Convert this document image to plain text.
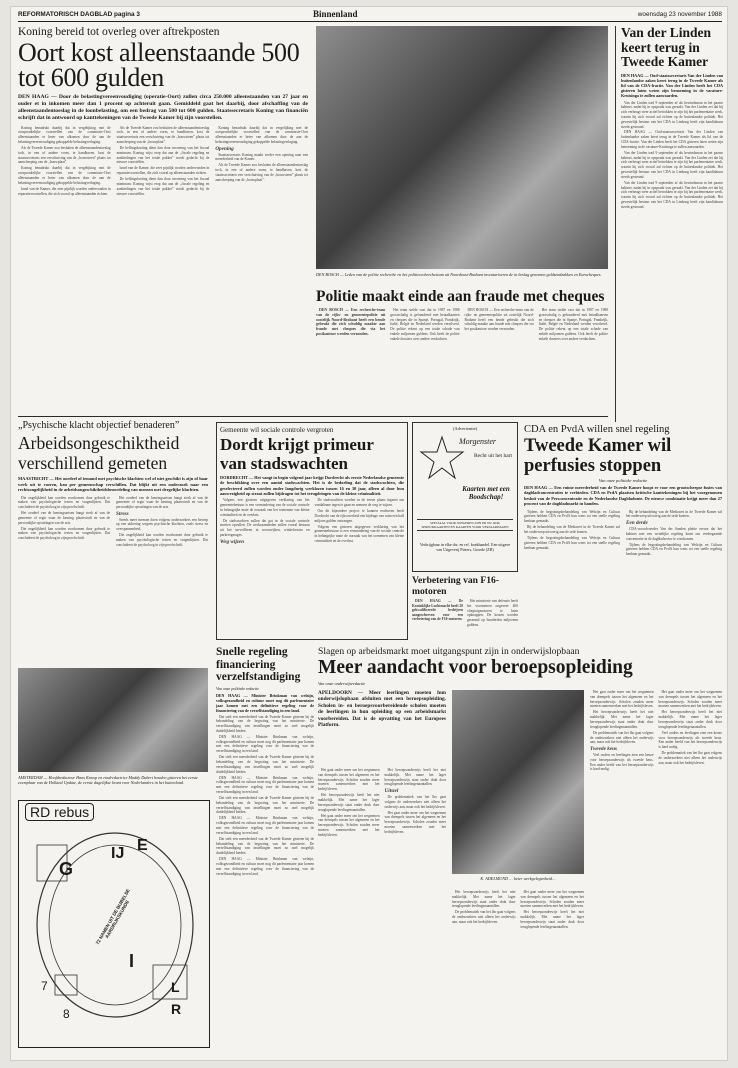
REFORMATORISCH DAGBLAD pagina 3	Binnenland	woensdag 23 november 1988
Koning bereid tot overleg over aftrekposten
Oort kost alleenstaande 500 tot 600 gulden
DEN HAAG — Door de belastingvereenvoudiging (operatie-Oort) zullen circa 250.000 alleenstaanden van 27 jaar en ouder et in inkomen meer dan 1 procent op achteruit gaan. Gemiddeld gaat het daarbij, door afschaffing van de alleenstaandentoeslag in de loonbelasting, om een bedrag van 500 tot 600 gulden. Staatssecretaris Koning van financiën schrijft dat in antwoord op kanttekeningen van de Tweede Kamer bij zijn voorstellen.

Koning benadrukt daarbij dat in vergelijking met de oorspronkelijke voorstellen van de commissie-Oort alleenstaanden er beter van afkomen door de aan de belastingvereenvoudiging gekoppelde belastingverlaging.

Als de Tweede Kamer zou besluiten de alleenstaandentoeslag toch, in een of andere vorm, te handhaven, kost de staatssecretaris een verschuiving van de „bouwsteen” plaats tot aanscherping van de „bouwplaat”.

Koning benadrukt daarbij dat in vergelijking met de oorspronkelijke voorstellen van de commissie-Oort alleenstaanden er beter van afkomen door de aan de belastingvereenvoudiging gekoppelde belastingverlaging.

bond van de Kamer, die zeer pijnlijk worden ondervonden in reparatievoorstellen, die zich vooral op alleenstaanden richten.

Als de Tweede Kamer zou besluiten de alleenstaandentoeslag toch, in een of andere vorm, te handhaven, kost de staatssecretaris een verschuiving van de „bouwsteen” plaats tot aanscherping van de „bouwplaat”.

De heffingskorting dient dan door invoering van het fiscaal minimum. Koning wijst erop dat aan de „fiscale regeling en aanbiedingen van het totale pakket” wordt gedacht bij de nieuwe voorstellen.

bond van de Kamer, die zeer pijnlijk worden ondervonden in reparatievoorstellen, die zich vooral op alleenstaanden richten.

De heffingskorting dient dan door invoering van het fiscaal minimum. Koning wijst erop dat aan de „fiscale regeling en aanbiedingen van het totale pakket” wordt gedacht bij de nieuwe voorstellen.

Koning benadrukt daarbij dat in vergelijking met de oorspronkelijke voorstellen van de commissie-Oort alleenstaanden er beter van afkomen door de aan de belastingvereenvoudiging gekoppelde belastingverlaging.

Opening

Staatssecretaris Koning maakt verder een opening naar een meerderheid van de Kamer.

Als de Tweede Kamer zou besluiten de alleenstaandentoeslag toch, in een of andere vorm, te handhaven, kost de staatssecretaris een verschuiving van de „bouwsteen” plaats tot aanscherping van de „bouwplaat”.

DEN BOSCH — Leden van de politie recherche en het politierechercheteam uit Noordoost-Brabant inventariseren de in beslag genomen geldzendzakken en Eurocheques.
Politie maakt einde aan fraude met cheques

DEN BOSCH — Een recherche-team van de rijks- en gemeentepolitie uit oostelijk Noord-Brabant heeft een bende gebeukt die zich schuldig maakte aan fraude met cheques die via het postkantoor werden verzonden.

Het team stelde vast dat in 1987 en 1988 grootschalig is gefraudeerd met betaalkaarten en cheques die in Spanje, Portugal, Frankrijk, Italië, België en Nederland werden verzilverd. De politie rekent op een totale schade van enkele miljoenen guldens. Ook heeft de politie enkele dossiers over andere verdachten.

DEN BOSCH — Een recherche-team van de rijks- en gemeentepolitie uit oostelijk Noord-Brabant heeft een bende gebeukt die zich schuldig maakte aan fraude met cheques die via het postkantoor werden verzonden.

Het team stelde vast dat in 1987 en 1988 grootschalig is gefraudeerd met betaalkaarten en cheques die in Spanje, Portugal, Frankrijk, Italië, België en Nederland werden verzilverd. De politie rekent op een totale schade van enkele miljoenen guldens. Ook heeft de politie enkele dossiers over andere verdachten.

Van der Linden keert terug in Tweede Kamer
DEN HAAG — Oud-staatssecretaris Van der Linden van buitenlandse zaken keert terug in de Tweede Kamer als lid van de CDA-fractie. Van der Linden heeft het CDA gisteren laten weten zijn benoeming in de vacature-Kruisinga te zullen aanvaarden.

Van der Linden trad 9 september af als bewindsman in het paarse kabinet, nadat hij in opspraak was geraakt. Van der Linden zei dat hij zich verheugt weer actief betrokken te zijn bij het parlementaire werk, waarin hij zich vooral zal richten op de buitenlandse politiek. Het gewestelijk bestuur van het CDA in Limburg heeft zijn kandidatuur steeds gesteund.

DEN HAAG — Oud-staatssecretaris Van der Linden van buitenlandse zaken keert terug in de Tweede Kamer als lid van de CDA-fractie. Van der Linden heeft het CDA gisteren laten weten zijn benoeming in de vacature-Kruisinga te zullen aanvaarden.

Van der Linden trad 9 september af als bewindsman in het paarse kabinet, nadat hij in opspraak was geraakt. Van der Linden zei dat hij zich verheugt weer actief betrokken te zijn bij het parlementaire werk, waarin hij zich vooral zal richten op de buitenlandse politiek. Het gewestelijk bestuur van het CDA in Limburg heeft zijn kandidatuur steeds gesteund.

Van der Linden trad 9 september af als bewindsman in het paarse kabinet, nadat hij in opspraak was geraakt. Van der Linden zei dat hij zich verheugt weer actief betrokken te zijn bij het parlementaire werk, waarin hij zich vooral zal richten op de buitenlandse politiek. Het gewestelijk bestuur van het CDA in Limburg heeft zijn kandidatuur steeds gesteund.

„Psychische klacht objectief benaderen”
Arbeidsongeschiktheid verschillend gemeten
MAASTRICHT — Het oordeel of iemand met psychische klachten wel of niet geschikt is zijn of haar werk uit te voeren, kan per gemeenschap verschillen. Dat blijkt uit een onderzoek naar een rechtsongelijkheid in de arbeidsongeschiktheidsbeoordeling van mensen met dergelijke klachten.

Die ongelijkheid kan worden voorkomen door gebruik te maken van psychologische testen en vragenlijsten. Dat concludeert de psycholoog in zijn proefschrift.

Het oordeel van de keuringsartsen hangt sterk af van de gemeente of regio waar de keuring plaatsvindt en van de persoonlijke opvattingen van de arts.

Die ongelijkheid kan worden voorkomen door gebruik te maken van psychologische testen en vragenlijsten. Dat concludeert de psycholoog in zijn proefschrift.

Het oordeel van de keuringsartsen hangt sterk af van de gemeente of regio waar de keuring plaatsvindt en van de persoonlijke opvattingen van de arts.

Stress

Steeds meer mensen doen volgens onderzoekers een beroep op een uitkering wegens psychische klachten, zoals stress en overspannenheid.

Die ongelijkheid kan worden voorkomen door gebruik te maken van psychologische testen en vragenlijsten. Dat concludeert de psycholoog in zijn proefschrift.

AMSTERDAM — Hoofdredacteur Hans Knoop en eindredactrice Maddy Dubert houden gisteren het eerste exemplaar van de Holland Update, de eerste dagelijkse krant voor Nederlanders in het buitenland.
Gemeente wil sociale controle vergroten
Dordt krijgt primeur van stadswachten
DORDRECHT — Het vangt in begin volgend jaar krijgt Dordrecht als eerste Nederlandse gemeente de beschikking over een aantal stadswachten. Het is de bedoeling dat de stadswachten, die geselecteerd zullen worden onder langdurig werklozen tussen 16 en 30 jaar, alleen al door hun aanwezigheid op straat zullen bijdragen tot het terugdringen van de kleine criminaliteit.

Volgens een gisteren uitgegeven verklaring van het gemeentebestuur is een vermindering van de sociale controle in belangrijke mate de oorzaak van het toenemen van kleine criminaliteit en de overlast.

De stadswachten zullen dat gat in de sociale controle moeten opvullen. De werkzaamheden zullen vooral bestaan uit het surveilleren in woonwijken, winkelcentra en parkeergarages.

Weg wijzen

De stadswachten worden in de eerste plaats ingezet om vandalisme tegen te gaan en mensen de weg te wijzen.

Om dit bijzondere project te kunnen realiseren heeft Dordrecht van de rijksoverheid een bijdrage van ruim een half miljoen gulden ontvangen.

Volgens een gisteren uitgegeven verklaring van het gemeentebestuur is een vermindering van de sociale controle in belangrijke mate de oorzaak van het toenemen van kleine criminaliteit en de overlast.

(Advertentie)
Morgenster
Recht uit het hart
Kaarten met een Boodschap!
SPECIAAL VOOR JONGEREN ZIJN ER NU OOK SPREUKKAARTEN EN KAARTEN VOOR VERJAARDAGEN
Verkrijgbaar in elke chr. en ref. boekhandel. Een uitgave van Uitgeverij Pieters, Groede (ZB)
Verbetering van F16-motoren

DEN HAAG — De Koninklijke Luchtmacht heeft 20 gekwalificeerde bedrijven aangeschreven voor een verbetering van de F16-motoren.

Het ministerie van defensie heeft het voornemen ongeveer 400 vliegtuigmotoren te laten opknappen. De kosten worden geraamd op honderden miljoenen guldens.

CDA en PvdA willen snel regeling
Tweede Kamer wil perfusies stoppen
Van onze politieke redactie
DEN HAAG — Een ruime meerderheid van de Tweede Kamer hoopt er voor een grootscheepse fusies van dagbladconcentraties te verbieden. CDA en PvdA plaatsen kritische kanttekeningen bij het voorgenomen besluit van de Persconcentratie en de Nederlandse Dagbladunie. De nieuwe combinatie krijgt meer dan 27 procent van de dagbladmarkt in handen.

Tijdens de begrotingsbehandeling van Welzijn en Cultuur gisteren hebben CDA en PvdA hun wens tot een snelle regeling kenbaar gemaakt.

Bij de behandeling van de Mediawet in de Tweede Kamer zal het onderwerp uitvoerig aan de orde komen.

Tijdens de begrotingsbehandeling van Welzijn en Cultuur gisteren hebben CDA en PvdA hun wens tot een snelle regeling kenbaar gemaakt.

Bij de behandeling van de Mediawet in de Tweede Kamer zal het onderwerp uitvoerig aan de orde komen.

Een derde

CDA-woordvoerder Van der Sanden pleitte ervoor dat het kabinet met een wettelijke regeling komt om verdergaande concentratie in de dagbladsector te voorkomen.

Tijdens de begrotingsbehandeling van Welzijn en Cultuur gisteren hebben CDA en PvdA hun wens tot een snelle regeling kenbaar gemaakt.

Snelle regeling financiering verzelfstandiging
Van onze politieke redactie
DEN HAAG — Minister Brinkman van welzijn, volksgezondheid en cultuur moet nog dit parlementaire jaar komen met een definitieve regeling voor de financiering van de verzelfstandiging in een land.

Dat stelt een meerderheid van de Tweede Kamer gisteren bij de behandeling van de begroting van het ministerie. De verzelfstandiging van instellingen moet zo snel mogelijk duidelijkheid bieden.

DEN HAAG — Minister Brinkman van welzijn, volksgezondheid en cultuur moet nog dit parlementaire jaar komen met een definitieve regeling voor de financiering van de verzelfstandiging in een land.

Dat stelt een meerderheid van de Tweede Kamer gisteren bij de behandeling van de begroting van het ministerie. De verzelfstandiging van instellingen moet zo snel mogelijk duidelijkheid bieden.

DEN HAAG — Minister Brinkman van welzijn, volksgezondheid en cultuur moet nog dit parlementaire jaar komen met een definitieve regeling voor de financiering van de verzelfstandiging in een land.

Dat stelt een meerderheid van de Tweede Kamer gisteren bij de behandeling van de begroting van het ministerie. De verzelfstandiging van instellingen moet zo snel mogelijk duidelijkheid bieden.

DEN HAAG — Minister Brinkman van welzijn, volksgezondheid en cultuur moet nog dit parlementaire jaar komen met een definitieve regeling voor de financiering van de verzelfstandiging in een land.

Dat stelt een meerderheid van de Tweede Kamer gisteren bij de behandeling van de begroting van het ministerie. De verzelfstandiging van instellingen moet zo snel mogelijk duidelijkheid bieden.

DEN HAAG — Minister Brinkman van welzijn, volksgezondheid en cultuur moet nog dit parlementaire jaar komen met een definitieve regeling voor de financiering van de verzelfstandiging in een land.

Slagen op arbeidsmarkt moet uitgangspunt zijn in onderwijslopbaan
Meer aandacht voor beroepsopleiding
Van onze onderwijsredactie
APELDOORN — Meer leerlingen moeten hun onderwijslopbaan afsluiten met een beroepsopleiding. Scholen in- en beroepsvoorbereidende scholen moeten de leerlingen in hun opleiding op een arbeidsmarkt voorbereiden. Dat is de opvatting van het Europees Platform.

Het gaat onder meer om het wegnemen van drempels tussen het algemeen en het beroepsonderwijs. Scholen zouden meer moeten samenwerken met het bedrijfsleven.

Het beroepsonderwijs heeft het niet makkelijk. Met name het lager beroepsonderwijs staat onder druk door teruglopende leerlingenaantallen.

Het gaat onder meer om het wegnemen van drempels tussen het algemeen en het beroepsonderwijs. Scholen zouden meer moeten samenwerken met het bedrijfsleven.

Het beroepsonderwijs heeft het niet makkelijk. Met name het lager beroepsonderwijs staat onder druk door teruglopende leerlingenaantallen.

Uitstel

De problematiek van het lbo gaat volgens de onderzoekers niet alleen het onderwijs aan, maar ook het bedrijfsleven.

Het gaat onder meer om het wegnemen van drempels tussen het algemeen en het beroepsonderwijs. Scholen zouden meer moeten samenwerken met het bedrijfsleven.

K. ADELMUND … beter werkgelegenheid…

Het beroepsonderwijs heeft het niet makkelijk. Met name het lager beroepsonderwijs staat onder druk door teruglopende leerlingenaantallen.

De problematiek van het lbo gaat volgens de onderzoekers niet alleen het onderwijs aan, maar ook het bedrijfsleven.

Het gaat onder meer om het wegnemen van drempels tussen het algemeen en het beroepsonderwijs. Scholen zouden meer moeten samenwerken met het bedrijfsleven.

Het beroepsonderwijs heeft het niet makkelijk. Met name het lager beroepsonderwijs staat onder druk door teruglopende leerlingenaantallen.

Het gaat onder meer om het wegnemen van drempels tussen het algemeen en het beroepsonderwijs. Scholen zouden meer moeten samenwerken met het bedrijfsleven.

Het beroepsonderwijs heeft het niet makkelijk. Met name het lager beroepsonderwijs staat onder druk door teruglopende leerlingenaantallen.

De problematiek van het lbo gaat volgens de onderzoekers niet alleen het onderwijs aan, maar ook het bedrijfsleven.

Tweede keus

Veel ouders en leerlingen zien een keuze voor beroepsonderwijs als tweede keus. Een ander beeld van het beroepsonderwijs is hard nodig.

Het gaat onder meer om het wegnemen van drempels tussen het algemeen en het beroepsonderwijs. Scholen zouden meer moeten samenwerken met het bedrijfsleven.

Het beroepsonderwijs heeft het niet makkelijk. Met name het lager beroepsonderwijs staat onder druk door teruglopende leerlingenaantallen.

Veel ouders en leerlingen zien een keuze voor beroepsonderwijs als tweede keus. Een ander beeld van het beroepsonderwijs is hard nodig.

De problematiek van het lbo gaat volgens de onderzoekers niet alleen het onderwijs aan, maar ook het bedrijfsleven.

RD rebus
G
IJ E
I
L
R
7
8
72 NAMEN UIT DE BIJBELSE AARDRIJKSKUNDE
